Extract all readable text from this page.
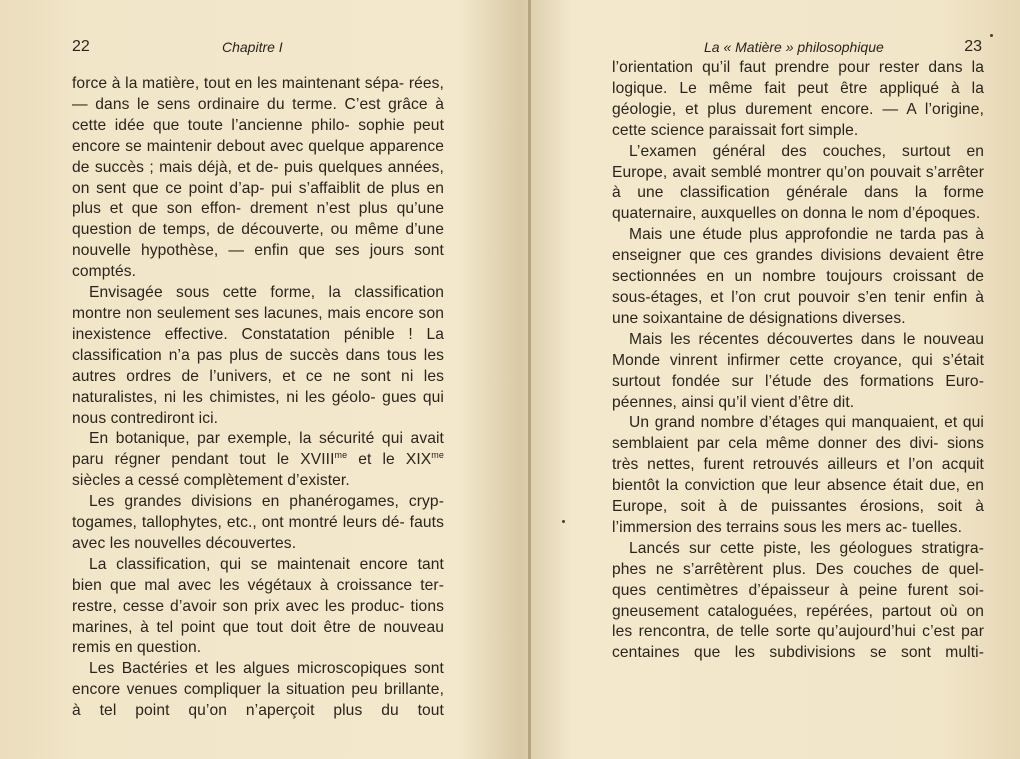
22	Chapitre I

force à la matière, tout en les maintenant sépa- rées, — dans le sens ordinaire du terme. C’est grâce à cette idée que toute l’ancienne philo- sophie peut encore se maintenir debout avec quelque apparence de succès ; mais déjà, et de- puis quelques années, on sent que ce point d’ap- pui s’affaiblit de plus en plus et que son effon- drement n’est plus qu’une question de temps, de découverte, ou même d’une nouvelle hypothèse, — enfin que ses jours sont comptés.

Envisagée sous cette forme, la classification montre non seulement ses lacunes, mais encore son inexistence effective. Constatation pénible ! La classification n’a pas plus de succès dans tous les autres ordres de l’univers, et ce ne sont ni les naturalistes, ni les chimistes, ni les géolo- gues qui nous contrediront ici.

En botanique, par exemple, la sécurité qui avait paru régner pendant tout le $XVIII^{me}$ et le $XIX^{me}$ siècles a cessé complètement d’exister.

Les grandes divisions en phanérogames, cryp- togames, tallophytes, etc., ont montré leurs dé- fauts avec les nouvelles découvertes.

La classification, qui se maintenait encore tant bien que mal avec les végétaux à croissance ter- restre, cesse d’avoir son prix avec les produc- tions marines, à tel point que tout doit être de nouveau remis en question.

Les Bactéries et les algues microscopiques sont encore venues compliquer la situation peu brillante, à tel point qu’on n’aperçoit plus du tout

La « Matière » philosophique	23

l’orientation qu’il faut prendre pour rester dans la logique. Le même fait peut être appliqué à la géologie, et plus durement encore. — A l’origine, cette science paraissait fort simple.

L’examen général des couches, surtout en Europe, avait semblé montrer qu’on pouvait s’arrêter à une classification générale dans la forme quaternaire, auxquelles on donna le nom d’époques.

Mais une étude plus approfondie ne tarda pas à enseigner que ces grandes divisions devaient être sectionnées en un nombre toujours croissant de sous-étages, et l’on crut pouvoir s’en tenir enfin à une soixantaine de désignations diverses.

Mais les récentes découvertes dans le nouveau Monde vinrent infirmer cette croyance, qui s’était surtout fondée sur l’étude des formations Euro- péennes, ainsi qu’il vient d’être dit.

Un grand nombre d’étages qui manquaient, et qui semblaient par cela même donner des divi- sions très nettes, furent retrouvés ailleurs et l’on acquit bientôt la conviction que leur absence était due, en Europe, soit à de puissantes érosions, soit à l’immersion des terrains sous les mers ac- tuelles.

Lancés sur cette piste, les géologues stratigra- phes ne s’arrêtèrent plus. Des couches de quel- ques centimètres d’épaisseur à peine furent soi- gneusement cataloguées, repérées, partout où on les rencontra, de telle sorte qu’aujourd’hui c’est par centaines que les subdivisions se sont multi-
